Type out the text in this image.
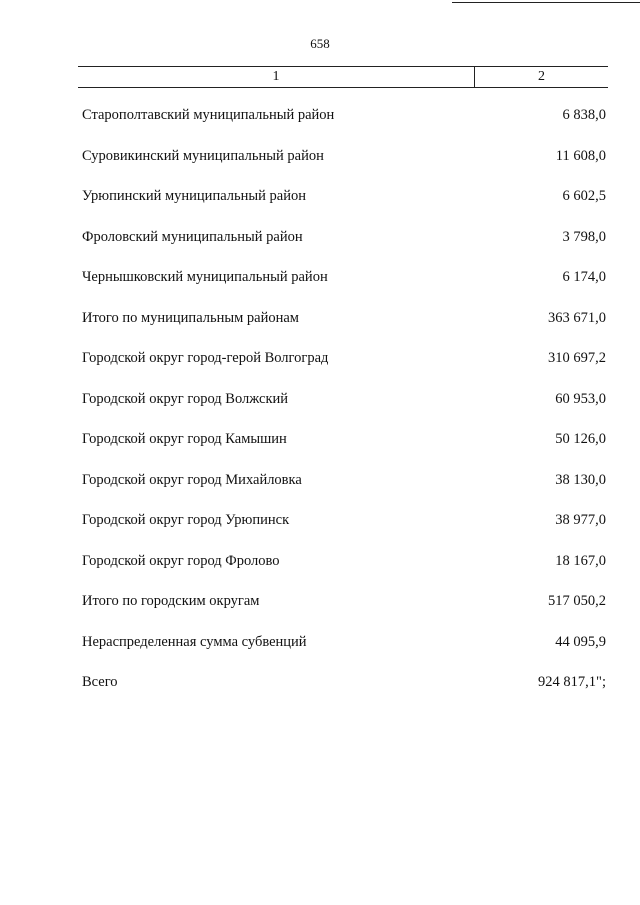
658
1	2
Старополтавский муниципальный район	6 838,0
Суровикинский муниципальный район	11 608,0
Урюпинский муниципальный район	6 602,5
Фроловский муниципальный район	3 798,0
Чернышковский муниципальный район	6 174,0
Итого по муниципальным районам	363 671,0
Городской округ город-герой Волгоград	310 697,2
Городской округ город Волжский	60 953,0
Городской округ город Камышин	50 126,0
Городской округ город Михайловка	38 130,0
Городской округ город Урюпинск	38 977,0
Городской округ город Фролово	18 167,0
Итого по городским округам	517 050,2
Нераспределенная сумма субвенций	44 095,9
Всего	924 817,1";
